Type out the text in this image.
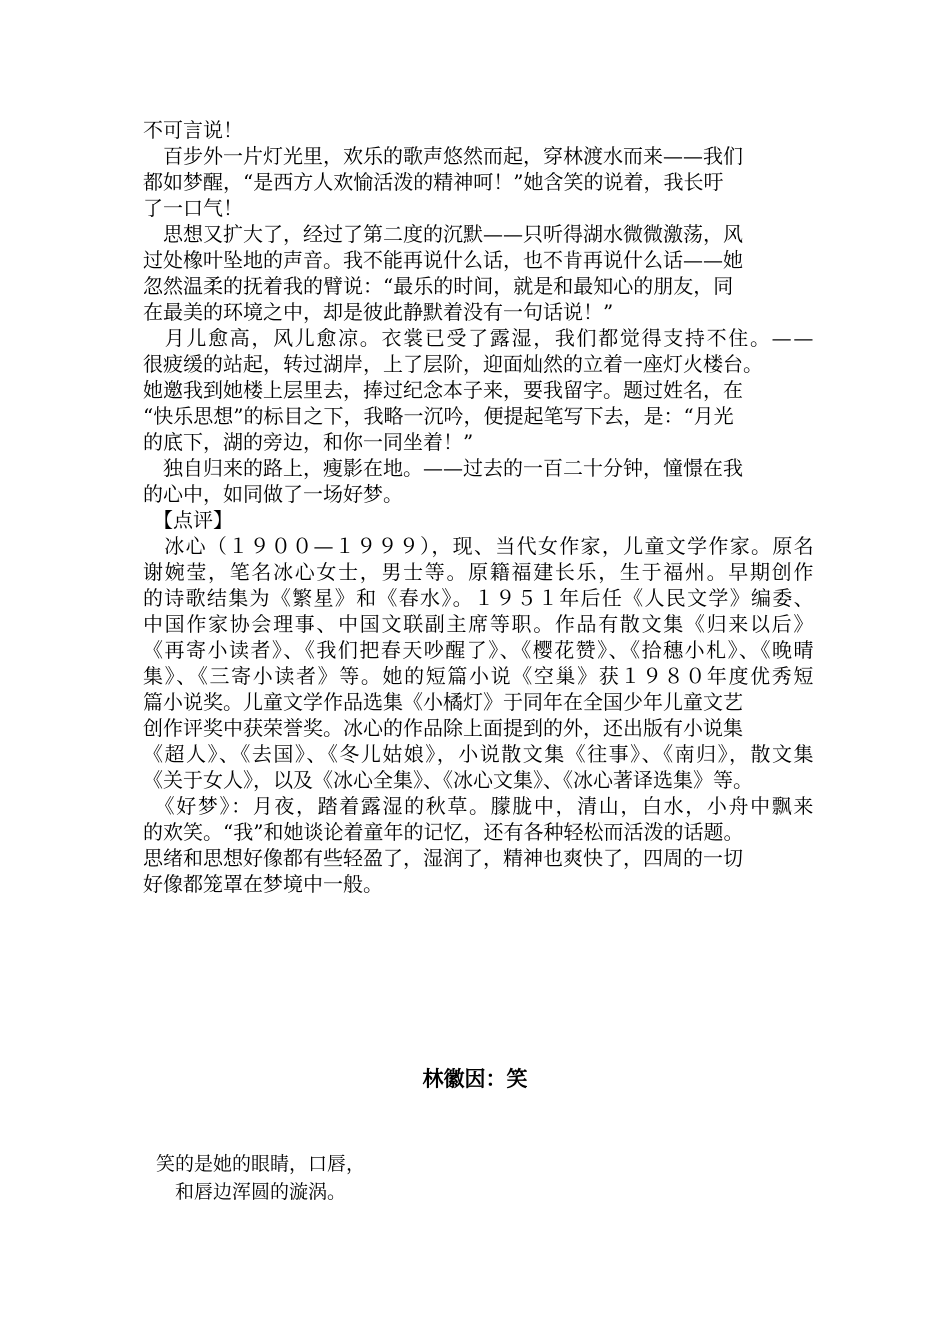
不可言说！
　百步外一片灯光里，欢乐的歌声悠然而起，穿林渡水而来——我们
都如梦醒，“是西方人欢愉活泼的精神呵！”她含笑的说着，我长吁
了一口气！
　思想又扩大了，经过了第二度的沉默——只听得湖水微微激荡，风
过处橡叶坠地的声音。我不能再说什么话，也不肯再说什么话——她
忽然温柔的抚着我的臂说：“最乐的时间，就是和最知心的朋友，同
在最美的环境之中，却是彼此静默着没有一句话说！”
　月儿愈高，风儿愈凉。衣裳已受了露湿，我们都觉得支持不住。——
很疲缓的站起，转过湖岸，上了层阶，迎面灿然的立着一座灯火楼台。
她邀我到她楼上层里去，捧过纪念本子来，要我留字。题过姓名，在
“快乐思想”的标目之下，我略一沉吟，便提起笔写下去，是：“月光
的底下，湖的旁边，和你一同坐着！”
　独自归来的路上，瘦影在地。——过去的一百二十分钟，憧憬在我
的心中，如同做了一场好梦。
　【点评】
　冰心（１９００—１９９９），现、当代女作家，儿童文学作家。原名
谢婉莹，笔名冰心女士，男士等。原籍福建长乐，生于福州。早期创作
的诗歌结集为《繁星》和《春水》。１９５１年后任《人民文学》编委、
中国作家协会理事、中国文联副主席等职。作品有散文集《归来以后》
《再寄小读者》、《我们把春天吵醒了》、《樱花赞》、《拾穗小札》、《晚晴
集》、《三寄小读者》等。她的短篇小说《空巢》获１９８０年度优秀短
篇小说奖。儿童文学作品选集《小橘灯》于同年在全国少年儿童文艺
创作评奖中获荣誉奖。冰心的作品除上面提到的外，还出版有小说集
《超人》、《去国》、《冬儿姑娘》，小说散文集《往事》、《南归》，散文集
《关于女人》，以及《冰心全集》、《冰心文集》、《冰心著译选集》等。
　《好梦》：月夜，踏着露湿的秋草。朦胧中，清山，白水，小舟中飘来
的欢笑。“我”和她谈论着童年的记忆，还有各种轻松而活泼的话题。
思绪和思想好像都有些轻盈了，湿润了，精神也爽快了，四周的一切
好像都笼罩在梦境中一般。
林徽因：笑
笑的是她的眼睛，口唇，
　和唇边浑圆的漩涡。
